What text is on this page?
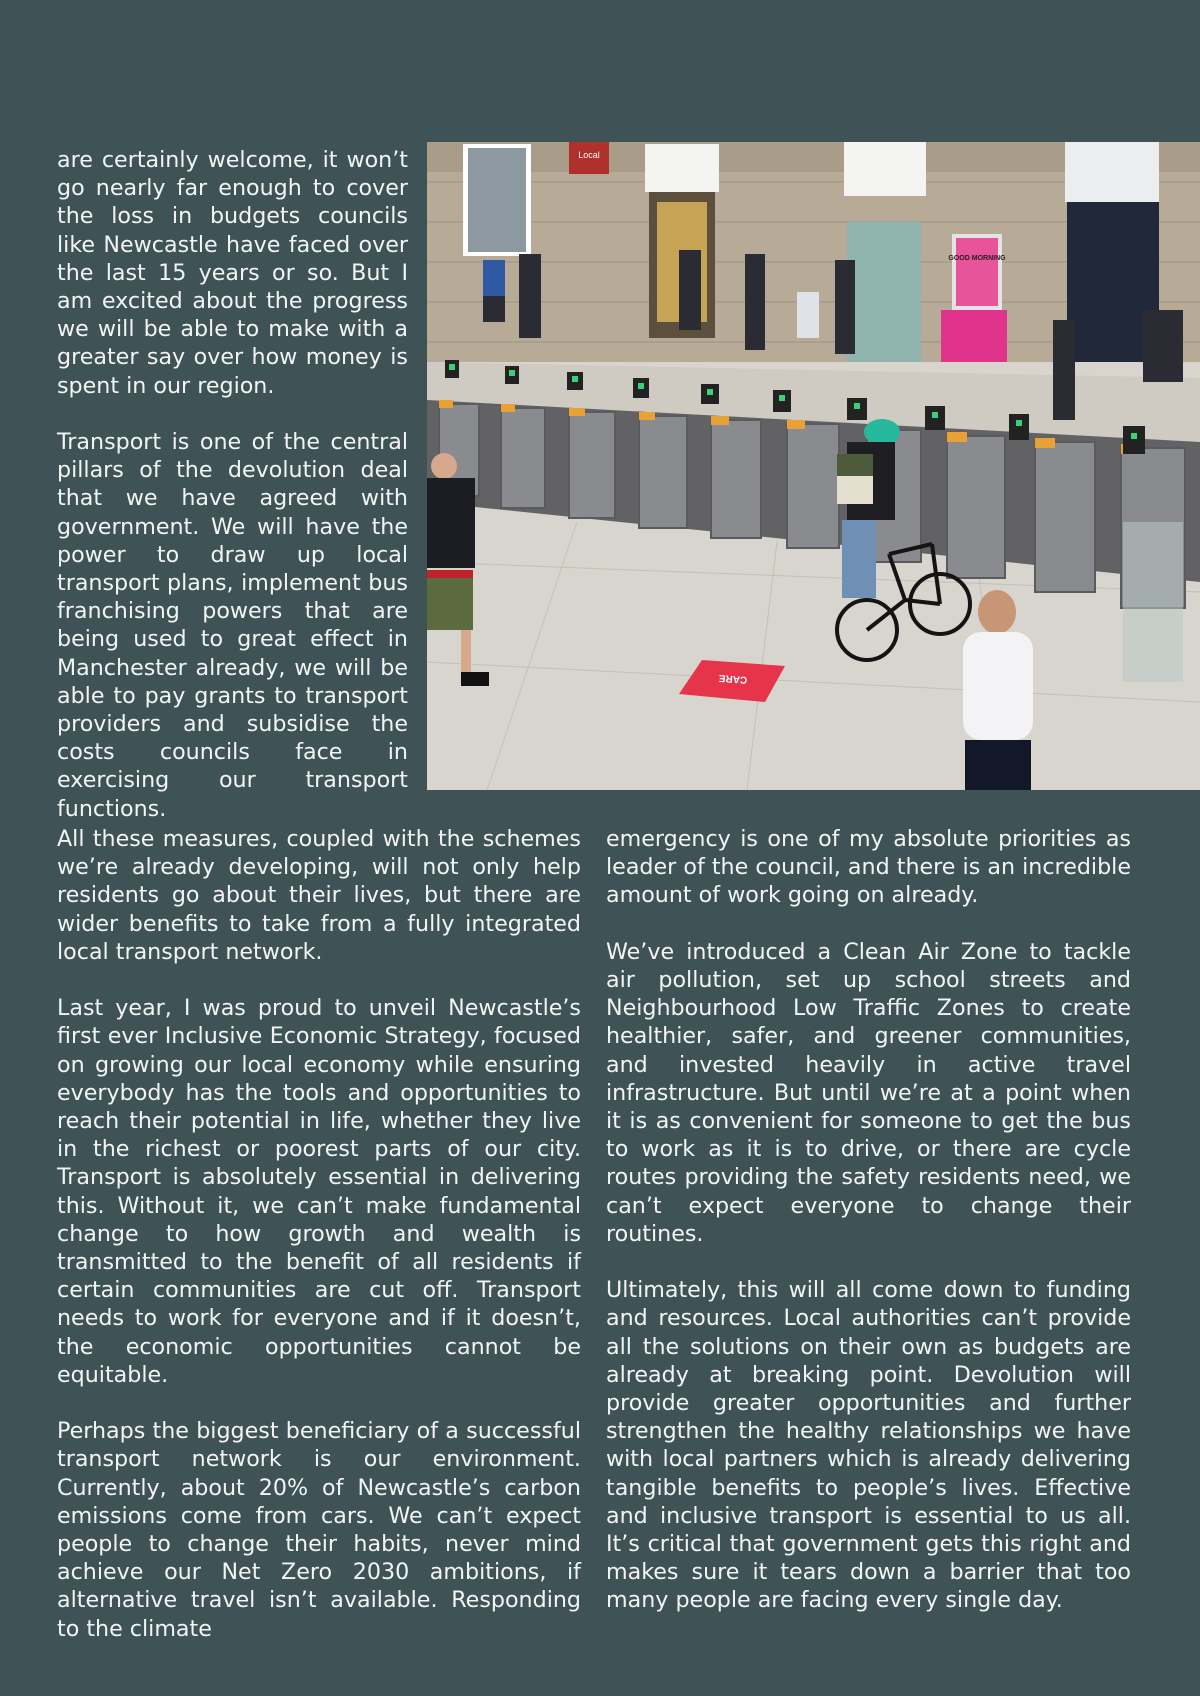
are certainly welcome, it won’t go nearly far enough to cover the loss in budgets councils like Newcastle have faced over the last 15 years or so. But I am excited about the progress we will be able to make with a greater say over how money is spent in our region.

Transport is one of the central pillars of the devolution deal that we have agreed with government. We will have the power to draw up local transport plans, implement bus franchising powers that are being used to great effect in Manchester already, we will be able to pay grants to transport providers and subsidise the costs councils face in exercising our transport functions.

Local
GOOD MORNING
CARE

All these measures, coupled with the schemes we’re already developing, will not only help residents go about their lives, but there are wider benefits to take from a fully integrated local transport network.

Last year, I was proud to unveil Newcastle’s first ever Inclusive Economic Strategy, focused on growing our local economy while ensuring everybody has the tools and opportunities to reach their potential in life, whether they live in the richest or poorest parts of our city. Transport is absolutely essential in delivering this. Without it, we can’t make fundamental change to how growth and wealth is transmitted to the benefit of all residents if certain communities are cut off. Transport needs to work for everyone and if it doesn’t, the economic opportunities cannot be equitable.

Perhaps the biggest beneficiary of a successful transport network is our environment. Currently, about 20% of Newcastle’s carbon emissions come from cars. We can’t expect people to change their habits, never mind achieve our Net Zero 2030 ambitions, if alternative travel isn’t available. Responding to the climate

emergency is one of my absolute priorities as leader of the council, and there is an incredible amount of work going on already.

We’ve introduced a Clean Air Zone to tackle air pollution, set up school streets and Neighbourhood Low Traffic Zones to create healthier, safer, and greener communities, and invested heavily in active travel infrastructure. But until we’re at a point when it is as convenient for someone to get the bus to work as it is to drive, or there are cycle routes providing the safety residents need, we can’t expect everyone to change their routines.

Ultimately, this will all come down to funding and resources. Local authorities can’t provide all the solutions on their own as budgets are already at breaking point. Devolution will provide greater opportunities and further strengthen the healthy relationships we have with local partners which is already delivering tangible benefits to people’s lives. Effective and inclusive transport is essential to us all. It’s critical that government gets this right and makes sure it tears down a barrier that too many people are facing every single day.
